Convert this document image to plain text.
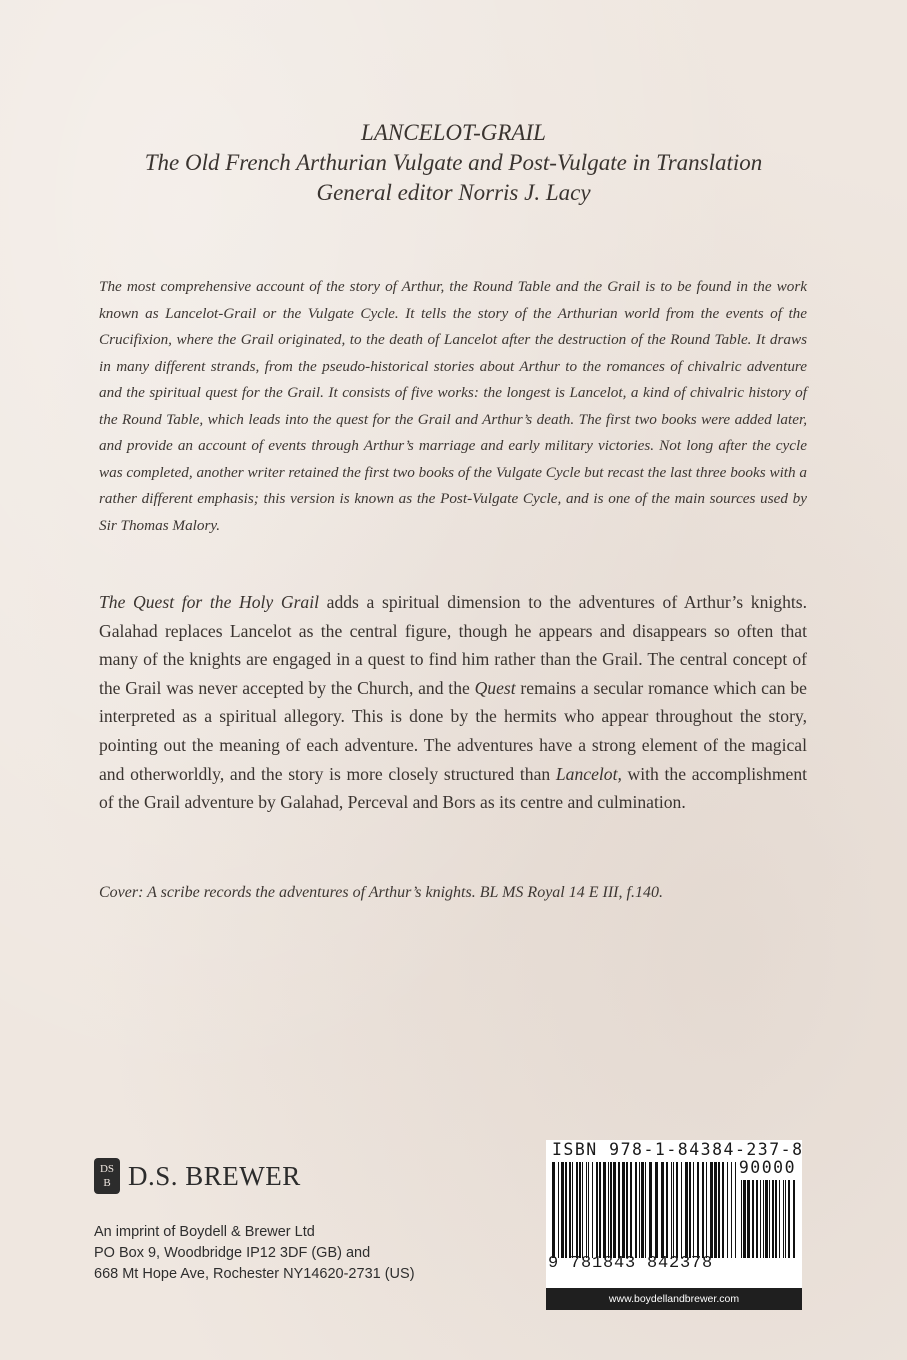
LANCELOT-GRAIL
The Old French Arthurian Vulgate and Post-Vulgate in Translation
General editor Norris J. Lacy

The most comprehensive account of the story of Arthur, the Round Table and the Grail is to be found in the work known as Lancelot-Grail or the Vulgate Cycle. It tells the story of the Arthurian world from the events of the Crucifixion, where the Grail originated, to the death of Lancelot after the destruction of the Round Table. It draws in many different strands, from the pseudo-historical stories about Arthur to the romances of chivalric adventure and the spiritual quest for the Grail. It consists of five works: the longest is Lancelot, a kind of chivalric history of the Round Table, which leads into the quest for the Grail and Arthur’s death. The first two books were added later, and provide an account of events through Arthur’s marriage and early military victories. Not long after the cycle was completed, another writer retained the first two books of the Vulgate Cycle but recast the last three books with a rather different emphasis; this version is known as the Post-Vulgate Cycle, and is one of the main sources used by Sir Thomas Malory.

The Quest for the Holy Grail adds a spiritual dimension to the adventures of Arthur’s knights. Galahad replaces Lancelot as the central figure, though he appears and disappears so often that many of the knights are engaged in a quest to find him rather than the Grail. The central concept of the Grail was never accepted by the Church, and the Quest remains a secular romance which can be interpreted as a spiritual allegory. This is done by the hermits who appear throughout the story, pointing out the meaning of each adventure. The adventures have a strong element of the magical and otherworldly, and the story is more closely structured than Lancelot, with the accomplishment of the Grail adventure by Galahad, Perceval and Bors as its centre and culmination.

Cover: A scribe records the adventures of Arthur’s knights. BL MS Royal 14 E III, f.140.

DS
B D.S. BREWER
An imprint of Boydell & Brewer Ltd
PO Box 9, Woodbridge IP12 3DF (GB) and
668 Mt Hope Ave, Rochester NY14620-2731 (US)
ISBN 978-1-84384-237-8
90000
9 781843 842378
www.boydellandbrewer.com
